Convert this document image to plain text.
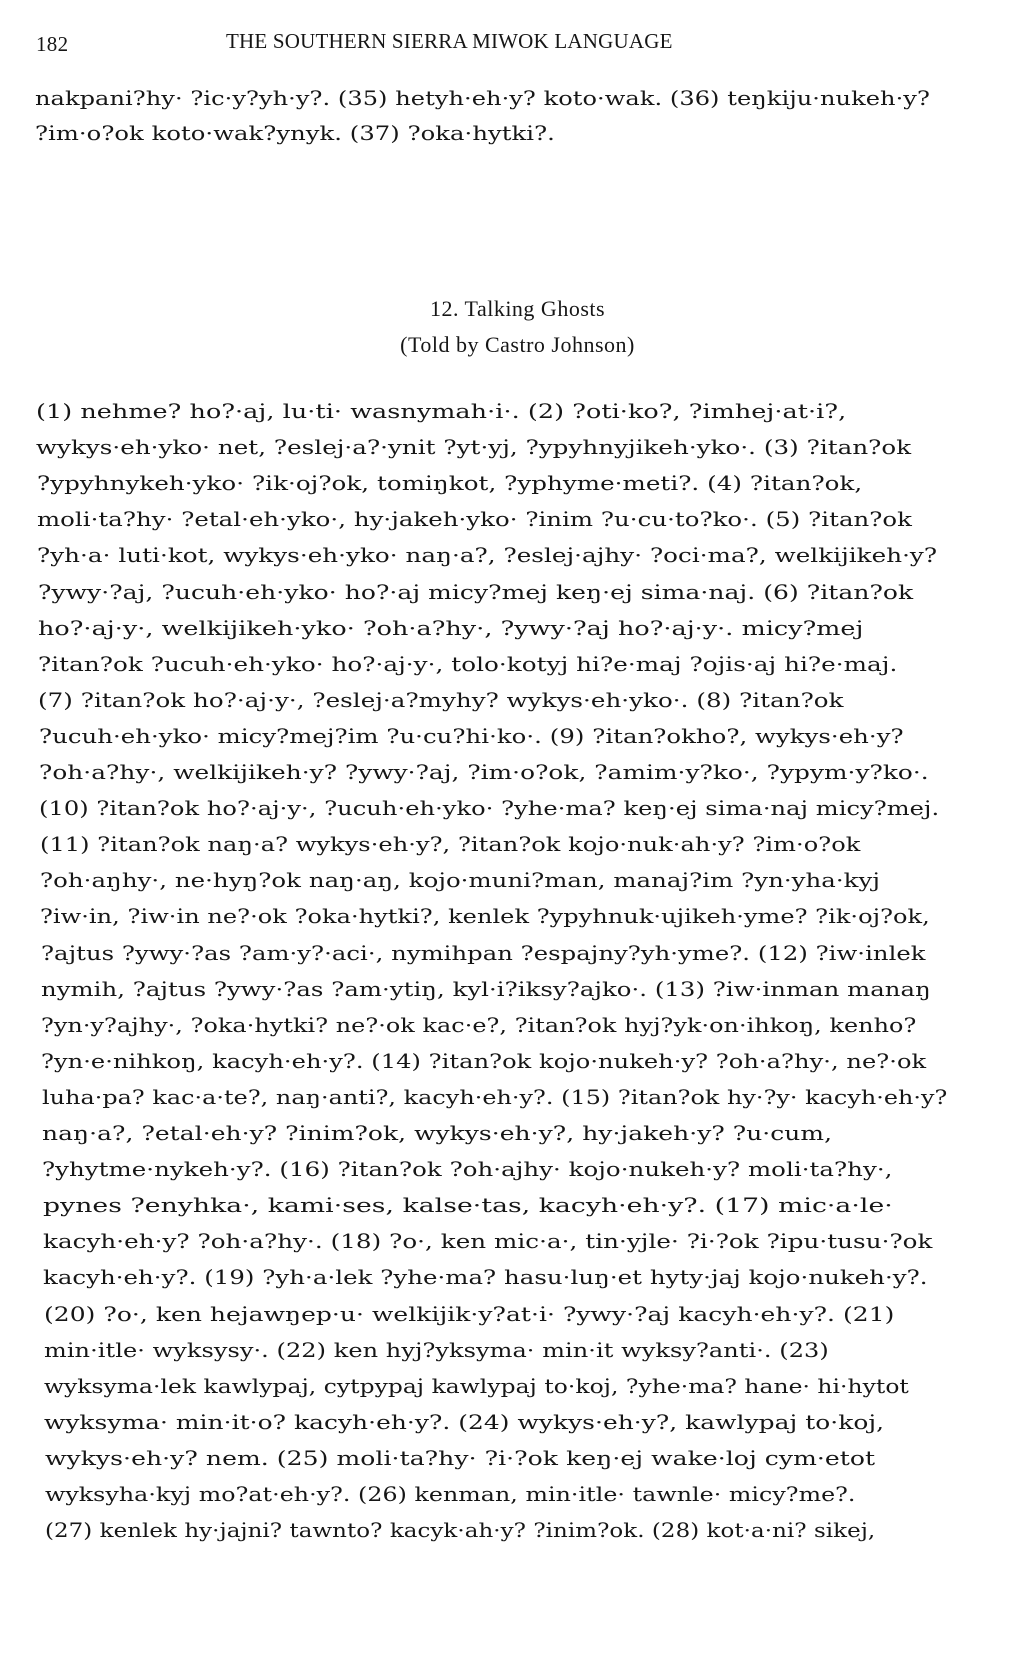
182	THE SOUTHERN SIERRA MIWOK LANGUAGE
nakpani?hy· ?ic·y?yh·y?. (35) hetyh·eh·y? koto·wak. (36) teŋkiju·nukeh·y?
?im·o?ok koto·wak?ynyk. (37) ?oka·hytki?.
12. Talking Ghosts
(Told by Castro Johnson)
(1) nehme? ho?·aj, lu·ti· wasnymah·i·. (2) ?oti·ko?, ?imhej·at·i?,
wykys·eh·yko· net, ?eslej·a?·ynit ?yt·yj, ?ypyhnyjikeh·yko·. (3) ?itan?ok
?ypyhnykeh·yko· ?ik·oj?ok, tomiŋkot, ?yphyme·meti?. (4) ?itan?ok,
moli·ta?hy· ?etal·eh·yko·, hy·jakeh·yko· ?inim ?u·cu·to?ko·. (5) ?itan?ok
?yh·a· luti·kot, wykys·eh·yko· naŋ·a?, ?eslej·ajhy· ?oci·ma?, welkijikeh·y?
?ywy·?aj, ?ucuh·eh·yko· ho?·aj micy?mej keŋ·ej sima·naj. (6) ?itan?ok
ho?·aj·y·, welkijikeh·yko· ?oh·a?hy·, ?ywy·?aj ho?·aj·y·. micy?mej
?itan?ok ?ucuh·eh·yko· ho?·aj·y·, tolo·kotyj hi?e·maj ?ojis·aj hi?e·maj.
(7) ?itan?ok ho?·aj·y·, ?eslej·a?myhy? wykys·eh·yko·. (8) ?itan?ok
?ucuh·eh·yko· micy?mej?im ?u·cu?hi·ko·. (9) ?itan?okho?, wykys·eh·y?
?oh·a?hy·, welkijikeh·y? ?ywy·?aj, ?im·o?ok, ?amim·y?ko·, ?ypym·y?ko·.
(10) ?itan?ok ho?·aj·y·, ?ucuh·eh·yko· ?yhe·ma? keŋ·ej sima·naj micy?mej.
(11) ?itan?ok naŋ·a? wykys·eh·y?, ?itan?ok kojo·nuk·ah·y? ?im·o?ok
?oh·aŋhy·, ne·hyŋ?ok naŋ·aŋ, kojo·muni?man, manaj?im ?yn·yha·kyj
?iw·in, ?iw·in ne?·ok ?oka·hytki?, kenlek ?ypyhnuk·ujikeh·yme? ?ik·oj?ok,
?ajtus ?ywy·?as ?am·y?·aci·, nymihpan ?espajny?yh·yme?. (12) ?iw·inlek
nymih, ?ajtus ?ywy·?as ?am·ytiŋ, kyl·i?iksy?ajko·. (13) ?iw·inman manaŋ
?yn·y?ajhy·, ?oka·hytki? ne?·ok kac·e?, ?itan?ok hyj?yk·on·ihkoŋ, kenho?
?yn·e·nihkoŋ, kacyh·eh·y?. (14) ?itan?ok kojo·nukeh·y? ?oh·a?hy·, ne?·ok
luha·pa? kac·a·te?, naŋ·anti?, kacyh·eh·y?. (15) ?itan?ok hy·?y· kacyh·eh·y?
naŋ·a?, ?etal·eh·y? ?inim?ok, wykys·eh·y?, hy·jakeh·y? ?u·cum,
?yhytme·nykeh·y?. (16) ?itan?ok ?oh·ajhy· kojo·nukeh·y? moli·ta?hy·,
pynes ?enyhka·, kami·ses, kalse·tas, kacyh·eh·y?. (17) mic·a·le·
kacyh·eh·y? ?oh·a?hy·. (18) ?o·, ken mic·a·, tin·yjle· ?i·?ok ?ipu·tusu·?ok
kacyh·eh·y?. (19) ?yh·a·lek ?yhe·ma? hasu·luŋ·et hyty·jaj kojo·nukeh·y?.
(20) ?o·, ken hejawŋep·u· welkijik·y?at·i· ?ywy·?aj kacyh·eh·y?. (21)
min·itle· wyksysy·. (22) ken hyj?yksyma· min·it wyksy?anti·. (23)
wyksyma·lek kawlypaj, cytpypaj kawlypaj to·koj, ?yhe·ma? hane· hi·hytot
wyksyma· min·it·o? kacyh·eh·y?. (24) wykys·eh·y?, kawlypaj to·koj,
wykys·eh·y? nem. (25) moli·ta?hy· ?i·?ok keŋ·ej wake·loj cym·etot
wyksyha·kyj mo?at·eh·y?. (26) kenman, min·itle· tawnle· micy?me?.
(27) kenlek hy·jajni? tawnto? kacyk·ah·y? ?inim?ok. (28) kot·a·ni? sikej,
